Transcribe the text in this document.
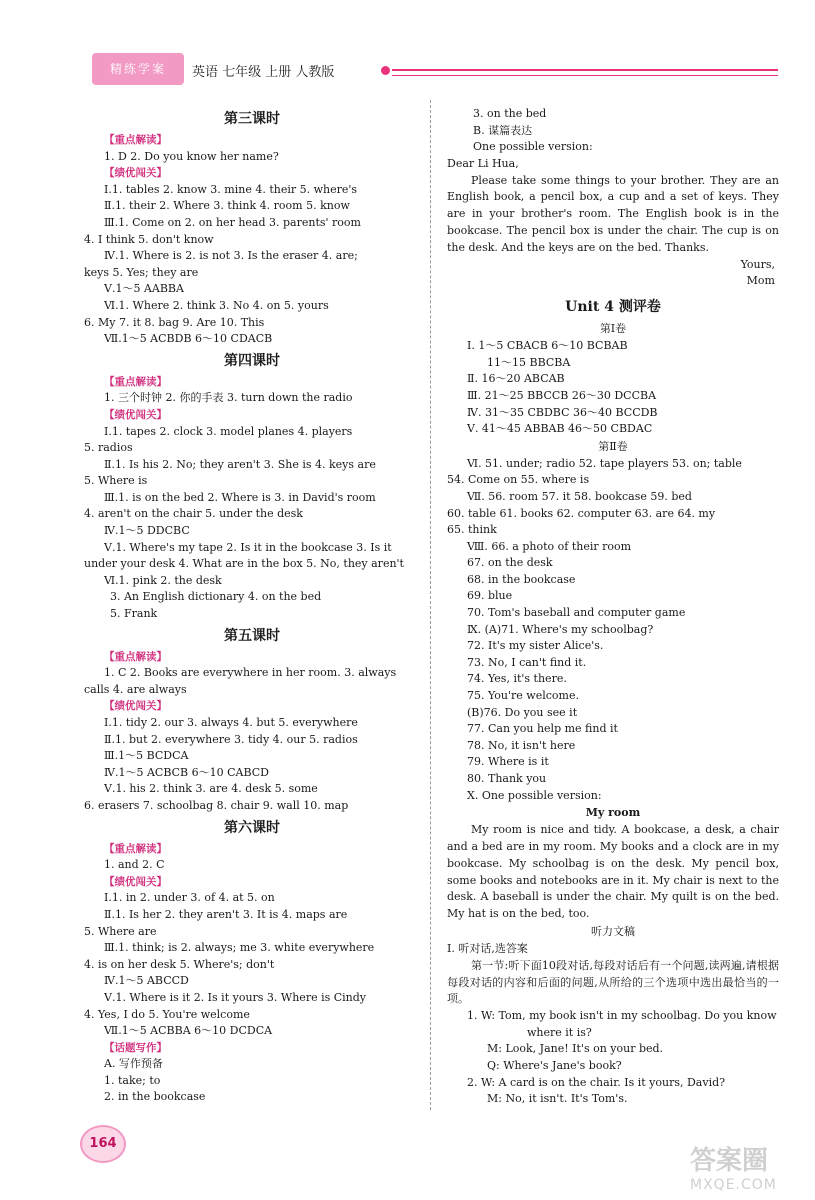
精练学案	英语 七年级 上册 人教版
第三课时
【重点解读】
1. D 2. Do you know her name?
【绩优闯关】
Ⅰ.1. tables 2. know 3. mine 4. their 5. where's
Ⅱ.1. their 2. Where 3. think 4. room 5. know
Ⅲ.1. Come on 2. on her head 3. parents' room
4. I think 5. don't know
Ⅳ.1. Where is 2. is not 3. Is the eraser 4. are;
keys 5. Yes; they are
Ⅴ.1～5 AABBA
Ⅵ.1. Where 2. think 3. No 4. on 5. yours
6. My 7. it 8. bag 9. Are 10. This
Ⅶ.1～5 ACBDB 6～10 CDACB
第四课时
【重点解读】
1. 三个时钟 2. 你的手表 3. turn down the radio
【绩优闯关】
Ⅰ.1. tapes 2. clock 3. model planes 4. players
5. radios
Ⅱ.1. Is his 2. No; they aren't 3. She is 4. keys are
5. Where is
Ⅲ.1. is on the bed 2. Where is 3. in David's room
4. aren't on the chair 5. under the desk
Ⅳ.1～5 DDCBC
Ⅴ.1. Where's my tape 2. Is it in the bookcase 3. Is it
under your desk 4. What are in the box 5. No, they aren't
Ⅵ.1. pink 2. the desk
3. An English dictionary 4. on the bed
5. Frank
第五课时
【重点解读】
1. C 2. Books are everywhere in her room. 3. always
calls 4. are always
【绩优闯关】
Ⅰ.1. tidy 2. our 3. always 4. but 5. everywhere
Ⅱ.1. but 2. everywhere 3. tidy 4. our 5. radios
Ⅲ.1～5 BCDCA
Ⅳ.1～5 ACBCB 6～10 CABCD
Ⅴ.1. his 2. think 3. are 4. desk 5. some
6. erasers 7. schoolbag 8. chair 9. wall 10. map
第六课时
【重点解读】
1. and 2. C
【绩优闯关】
Ⅰ.1. in 2. under 3. of 4. at 5. on
Ⅱ.1. Is her 2. they aren't 3. It is 4. maps are
5. Where are
Ⅲ.1. think; is 2. always; me 3. white everywhere
4. is on her desk 5. Where's; don't
Ⅳ.1～5 ABCCD
Ⅴ.1. Where is it 2. Is it yours 3. Where is Cindy
4. Yes, I do 5. You're welcome
Ⅶ.1～5 ACBBA 6～10 DCDCA
【话题写作】
A. 写作预备
1. take; to
2. in the bookcase
3. on the bed
B. 谋篇表达
One possible version:
Dear Li Hua,
Please take some things to your brother. They are an English book, a pencil box, a cup and a set of keys. They are in your brother's room. The English book is in the bookcase. The pencil box is under the chair. The cup is on the desk. And the keys are on the bed. Thanks.
Yours,
Mom
Unit 4 测评卷
第Ⅰ卷
Ⅰ. 1～5 CBACB 6～10 BCBAB
11～15 BBCBA
Ⅱ. 16～20 ABCAB
Ⅲ. 21～25 BBCCB 26～30 DCCBA
Ⅳ. 31～35 CBDBC 36～40 BCCDB
Ⅴ. 41～45 ABBAB 46～50 CBDAC
第Ⅱ卷
Ⅵ. 51. under; radio 52. tape players 53. on; table
54. Come on 55. where is
Ⅶ. 56. room 57. it 58. bookcase 59. bed
60. table 61. books 62. computer 63. are 64. my
65. think
Ⅷ. 66. a photo of their room
67. on the desk
68. in the bookcase
69. blue
70. Tom's baseball and computer game
Ⅸ. (A)71. Where's my schoolbag?
72. It's my sister Alice's.
73. No, I can't find it.
74. Yes, it's there.
75. You're welcome.
(B)76. Do you see it
77. Can you help me find it
78. No, it isn't here
79. Where is it
80. Thank you
Ⅹ. One possible version:
My room
My room is nice and tidy. A bookcase, a desk, a chair and a bed are in my room. My books and a clock are in my bookcase. My schoolbag is on the desk. My pencil box, some books and notebooks are in it. My chair is next to the desk. A baseball is under the chair. My quilt is on the bed. My hat is on the bed, too.
听力文稿
Ⅰ. 听对话,选答案
第一节:听下面10段对话,每段对话后有一个问题,读两遍,请根据每段对话的内容和后面的问题,从所给的三个选项中选出最恰当的一项。
1. W: Tom, my book isn't in my schoolbag. Do you know
where it is?
M: Look, Jane! It's on your bed.
Q: Where's Jane's book?
2. W: A card is on the chair. Is it yours, David?
M: No, it isn't. It's Tom's.
164
答案圈
MXQE.COM
